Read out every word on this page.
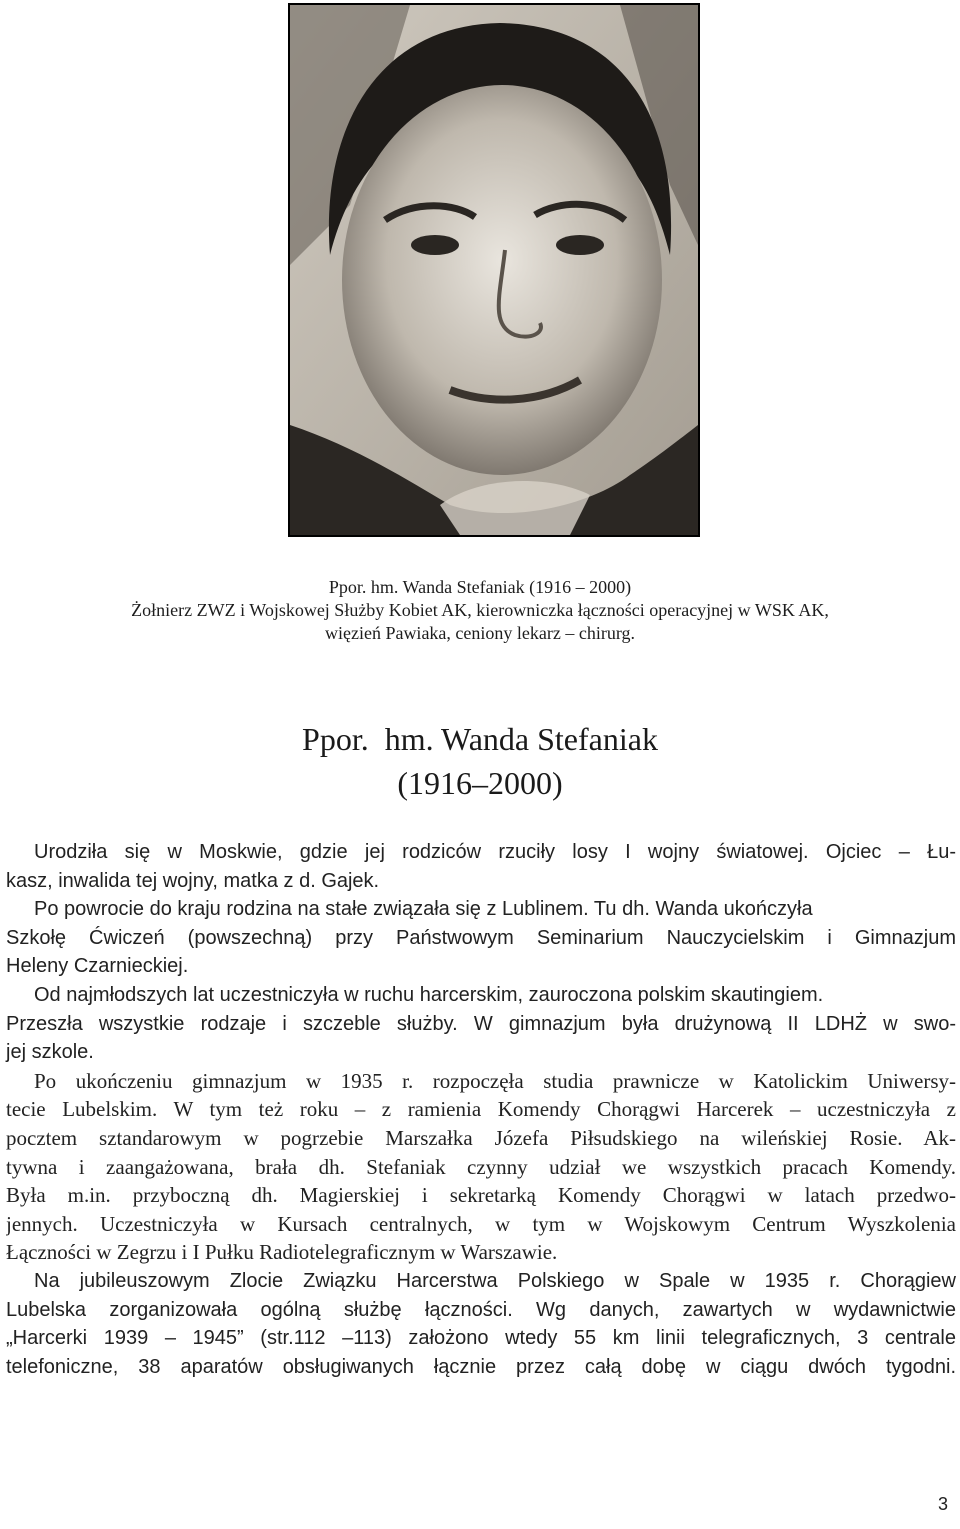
Ppor. hm. Wanda Stefaniak (1916 – 2000)
Żołnierz ZWZ i Wojskowej Służby Kobiet AK, kierowniczka łączności operacyjnej w WSK AK,
więzień Pawiaka, ceniony lekarz – chirurg.
Ppor.  hm. Wanda Stefaniak
(1916–2000)
Urodziła się w Moskwie, gdzie jej rodziców rzuciły losy I wojny światowej. Ojciec – Łu-
kasz, inwalida tej wojny, matka z d. Gajek.
Po powrocie do kraju rodzina na stałe związała się z Lublinem. Tu dh. Wanda ukończyła
Szkołę Ćwiczeń (powszechną) przy Państwowym Seminarium Nauczycielskim i Gimnazjum
Heleny Czarnieckiej.
Od najmłodszych lat uczestniczyła w ruchu harcerskim, zauroczona polskim skautingiem.
Przeszła wszystkie rodzaje i szczeble służby. W gimnazjum była drużynową II LDHŻ w swo-
jej szkole.
Po ukończeniu gimnazjum w 1935 r. rozpoczęła studia prawnicze w Katolickim Uniwersy-
tecie Lubelskim. W tym też roku – z ramienia Komendy Chorągwi Harcerek – uczestniczyła z
pocztem sztandarowym w pogrzebie Marszałka Józefa Piłsudskiego na wileńskiej Rosie. Ak-
tywna i zaangażowana, brała dh. Stefaniak czynny udział we wszystkich pracach Komendy.
Była m.in. przyboczną dh. Magierskiej i sekretarką Komendy Chorągwi w latach przedwo-
jennych. Uczestniczyła w Kursach centralnych, w tym w Wojskowym Centrum Wyszkolenia
Łączności w Zegrzu i I Pułku Radiotelegraficznym w Warszawie.
Na jubileuszowym Zlocie Związku Harcerstwa Polskiego w Spale w 1935 r. Chorągiew
Lubelska zorganizowała ogólną służbę łączności. Wg danych, zawartych w wydawnictwie
„Harcerki 1939 – 1945” (str.112 –113) założono wtedy 55 km linii telegraficznych, 3 centrale
telefoniczne, 38 aparatów obsługiwanych łącznie przez całą dobę w ciągu dwóch tygodni.
3
